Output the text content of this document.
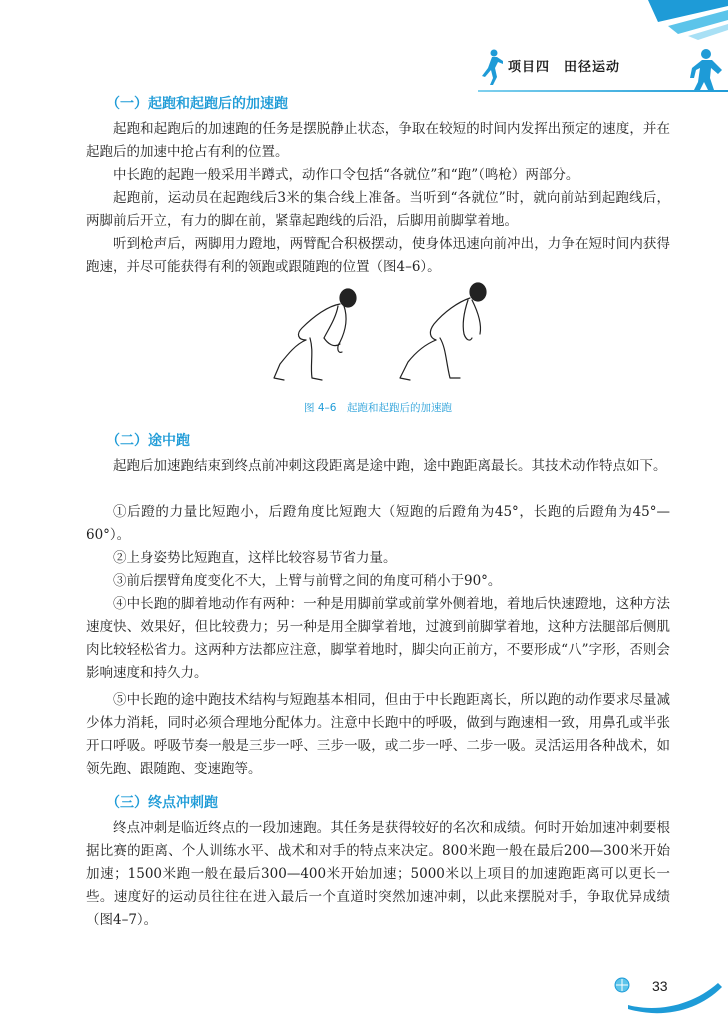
项目四 田径运动
（一）起跑和起跑后的加速跑
起跑和起跑后的加速跑的任务是摆脱静止状态，争取在较短的时间内发挥出预定的速度，并在起跑后的加速中抢占有利的位置。
中长跑的起跑一般采用半蹲式，动作口令包括“各就位”和“跑”（鸣枪）两部分。
起跑前，运动员在起跑线后3米的集合线上准备。当听到“各就位”时，就向前站到起跑线后，两脚前后开立，有力的脚在前，紧靠起跑线的后沿，后脚用前脚掌着地。
听到枪声后，两脚用力蹬地，两臂配合积极摆动，使身体迅速向前冲出，力争在短时间内获得跑速，并尽可能获得有利的领跑或跟随跑的位置（图4–6）。
图 4–6　起跑和起跑后的加速跑
（二）途中跑
起跑后加速跑结束到终点前冲刺这段距离是途中跑，途中跑距离最长。其技术动作特点如下。
①后蹬的力量比短跑小，后蹬角度比短跑大（短跑的后蹬角为45°，长跑的后蹬角为45°—60°）。
②上身姿势比短跑直，这样比较容易节省力量。
③前后摆臂角度变化不大，上臂与前臂之间的角度可稍小于90°。
④中长跑的脚着地动作有两种：一种是用脚前掌或前掌外侧着地，着地后快速蹬地，这种方法速度快、效果好，但比较费力；另一种是用全脚掌着地，过渡到前脚掌着地，这种方法腿部后侧肌肉比较轻松省力。这两种方法都应注意，脚掌着地时，脚尖向正前方，不要形成“八”字形，否则会影响速度和持久力。
⑤中长跑的途中跑技术结构与短跑基本相同，但由于中长跑距离长，所以跑的动作要求尽量减少体力消耗，同时必须合理地分配体力。注意中长跑中的呼吸，做到与跑速相一致，用鼻孔或半张开口呼吸。呼吸节奏一般是三步一呼、三步一吸，或二步一呼、二步一吸。灵活运用各种战术，如领先跑、跟随跑、变速跑等。
（三）终点冲刺跑
终点冲刺是临近终点的一段加速跑。其任务是获得较好的名次和成绩。何时开始加速冲刺要根据比赛的距离、个人训练水平、战术和对手的特点来决定。800米跑一般在最后200—300米开始加速；1500米跑一般在最后300—400米开始加速；5000米以上项目的加速跑距离可以更长一些。速度好的运动员往往在进入最后一个直道时突然加速冲刺，以此来摆脱对手，争取优异成绩（图4–7）。
33
